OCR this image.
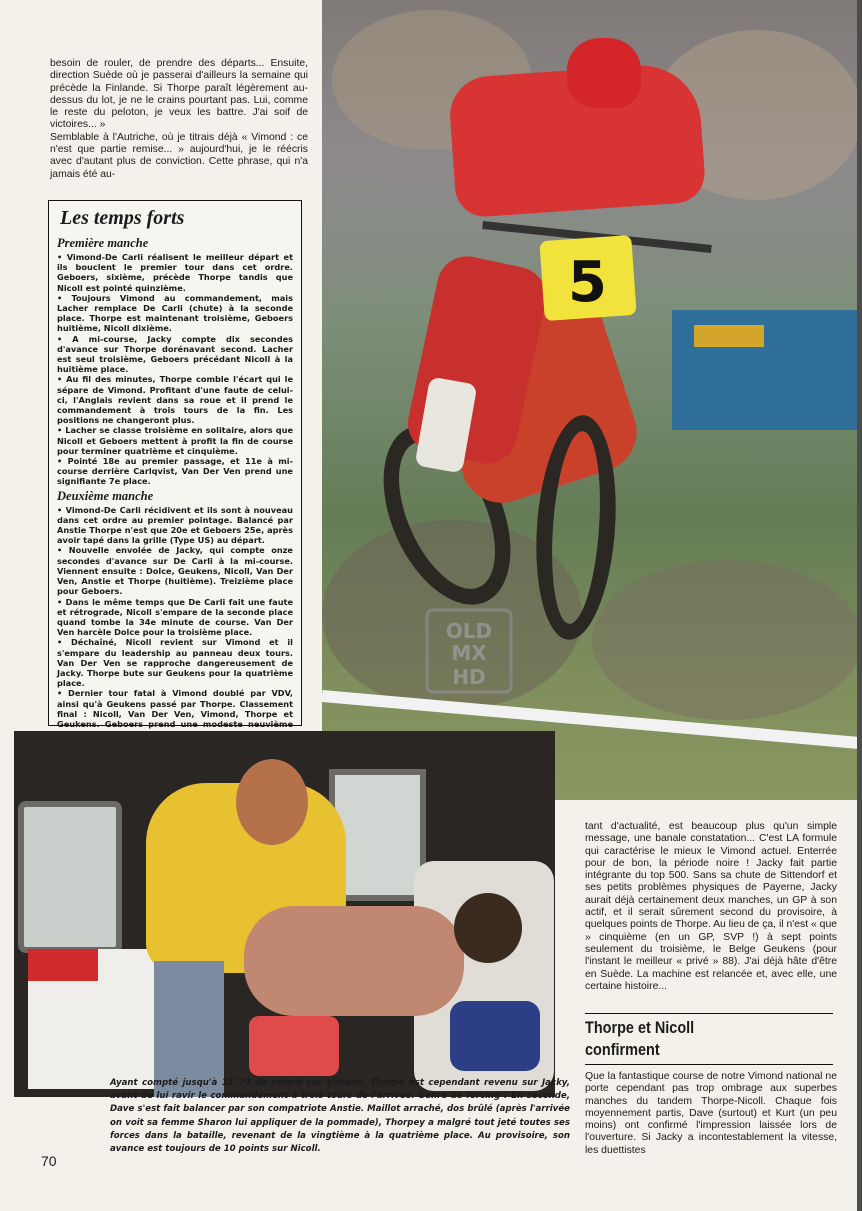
besoin de rouler, de prendre des départs... Ensuite, direction Suède où je passerai d'ailleurs la semaine qui précède la Finlande. Si Thorpe paraît légèrement au-dessus du lot, je ne le crains pourtant pas. Lui, comme le reste du peloton, je veux les battre. J'ai soif de victoires... »

Semblable à l'Autriche, où je titrais déjà « Vimond : ce n'est que partie remise... » aujourd'hui, je le réécris avec d'autant plus de conviction. Cette phrase, qui n'a jamais été au-

Les temps forts
Première manche

• Vimond-De Carli réalisent le meilleur départ et ils bouclent le premier tour dans cet ordre. Geboers, sixième, précède Thorpe tandis que Nicoll est pointé quinzième.

• Toujours Vimond au commandement, mais Lacher remplace De Carli (chute) à la seconde place. Thorpe est maintenant troisième, Geboers huitième, Nicoll dixième.

• A mi-course, Jacky compte dix secondes d'avance sur Thorpe dorénavant second. Lacher est seul troisième, Geboers précédant Nicoll à la huitième place.

• Au fil des minutes, Thorpe comble l'écart qui le sépare de Vimond. Profitant d'une faute de celui-ci, l'Anglais revient dans sa roue et il prend le commandement à trois tours de la fin. Les positions ne changeront plus.

• Lacher se classe troisième en solitaire, alors que Nicoll et Geboers mettent à profit la fin de course pour terminer quatrième et cinquième.

• Pointé 18e au premier passage, et 11e à mi-course derrière Carlqvist, Van Der Ven prend une signifiante 7e place.

Deuxième manche

• Vimond-De Carli récidivent et ils sont à nouveau dans cet ordre au premier pointage. Balancé par Anstie Thorpe n'est que 20e et Geboers 25e, après avoir tapé dans la grille (Type US) au départ.

• Nouvelle envolée de Jacky, qui compte onze secondes d'avance sur De Carli à la mi-course. Viennent ensuite : Dolce, Geukens, Nicoll, Van Der Ven, Anstie et Thorpe (huitième). Treizième place pour Geboers.

• Dans le même temps que De Carli fait une faute et rétrograde, Nicoll s'empare de la seconde place quand tombe la 34e minute de course. Van Der Ven harcèle Dolce pour la troisième place.

• Déchaîné, Nicoll revient sur Vimond et il s'empare du leadership au panneau deux tours. Van Der Ven se rapproche dangereusement de Jacky. Thorpe bute sur Geukens pour la quatrième place.

• Dernier tour fatal à Vimond doublé par VDV, ainsi qu'à Geukens passé par Thorpe. Classement final : Nicoll, Van Der Ven, Vimond, Thorpe et Geukens. Geboers prend une modeste neuvième

5
OLD
MX
HD
Ayant compté jusqu'à 15''74 de retard sur Vimond, Thorpe est cependant revenu sur Jacky, avant de lui ravir le commandement à trois tours de l'arrivée. Genre de forcing ! En seconde, Dave s'est fait balancer par son compatriote Anstie. Maillot arraché, dos brûlé (après l'arrivée on voit sa femme Sharon lui appliquer de la pommade), Thorpey a malgré tout jeté toutes ses forces dans la bataille, revenant de la vingtième à la quatrième place. Au provisoire, son avance est toujours de 10 points sur Nicoll.

tant d'actualité, est beaucoup plus qu'un simple message, une banale constatation... C'est LA formule qui caractérise le mieux le Vimond actuel. Enterrée pour de bon, la période noire ! Jacky fait partie intégrante du top 500. Sans sa chute de Sittendorf et ses petits problèmes physiques de Payerne, Jacky aurait déjà certainement deux manches, un GP à son actif, et il serait sûrement second du provisoire, à quelques points de Thorpe. Au lieu de ça, il n'est « que » cinquième (en un GP, SVP !) à sept points seulement du troisième, le Belge Geukens (pour l'instant le meilleur « privé » 88). J'ai déjà hâte d'être en Suède. La machine est relancée et, avec elle, une certaine histoire...

Thorpe et Nicoll
confirment

Que la fantastique course de notre Vimond national ne porte cependant pas trop ombrage aux superbes manches du tandem Thorpe-Nicoll. Chaque fois moyennement partis, Dave (surtout) et Kurt (un peu moins) ont confirmé l'impression laissée lors de l'ouverture. Si Jacky a incontestablement la vitesse, les duettistes

70
